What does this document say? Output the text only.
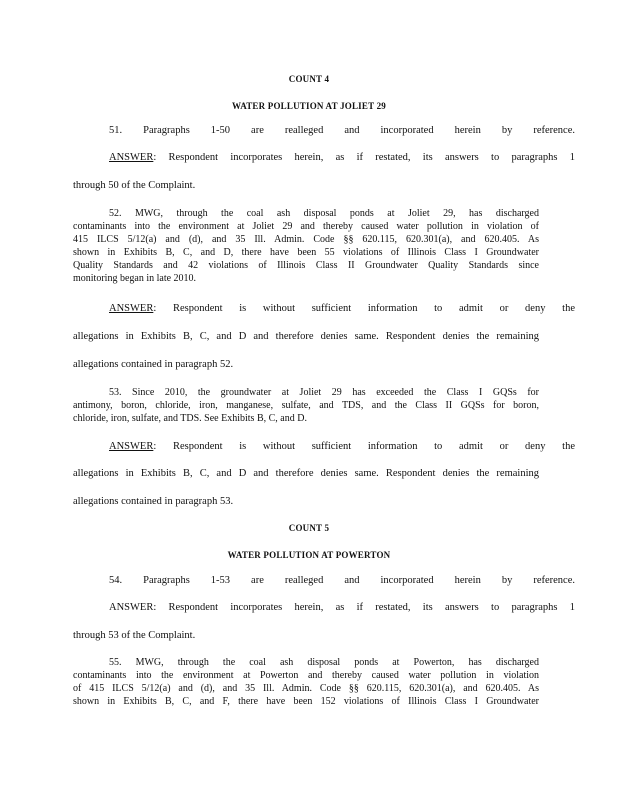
COUNT 4
WATER POLLUTION AT JOLIET 29
51. Paragraphs 1-50 are realleged and incorporated herein by reference.
ANSWER: Respondent incorporates herein, as if restated, its answers to paragraphs 1
through 50 of the Complaint.
52. MWG, through the coal ash disposal ponds at Joliet 29, has discharged
contaminants into the environment at Joliet 29 and thereby caused water pollution in violation of
415 ILCS 5/12(a) and (d), and 35 Ill. Admin. Code §§ 620.115, 620.301(a), and 620.405. As
shown in Exhibits B, C, and D, there have been 55 violations of Illinois Class I Groundwater
Quality Standards and 42 violations of Illinois Class II Groundwater Quality Standards since
monitoring began in late 2010.
ANSWER: Respondent is without sufficient information to admit or deny the
allegations in Exhibits B, C, and D and therefore denies same. Respondent denies the remaining
allegations contained in paragraph 52.
53. Since 2010, the groundwater at Joliet 29 has exceeded the Class I GQSs for
antimony, boron, chloride, iron, manganese, sulfate, and TDS, and the Class II GQSs for boron,
chloride, iron, sulfate, and TDS. See Exhibits B, C, and D.
ANSWER: Respondent is without sufficient information to admit or deny the
allegations in Exhibits B, C, and D and therefore denies same. Respondent denies the remaining
allegations contained in paragraph 53.
COUNT 5
WATER POLLUTION AT POWERTON
54. Paragraphs 1-53 are realleged and incorporated herein by reference.
ANSWER: Respondent incorporates herein, as if restated, its answers to paragraphs 1
through 53 of the Complaint.
55. MWG, through the coal ash disposal ponds at Powerton, has discharged
contaminants into the environment at Powerton and thereby caused water pollution in violation
of 415 ILCS 5/12(a) and (d), and 35 Ill. Admin. Code §§ 620.115, 620.301(a), and 620.405. As
shown in Exhibits B, C, and F, there have been 152 violations of Illinois Class I Groundwater
